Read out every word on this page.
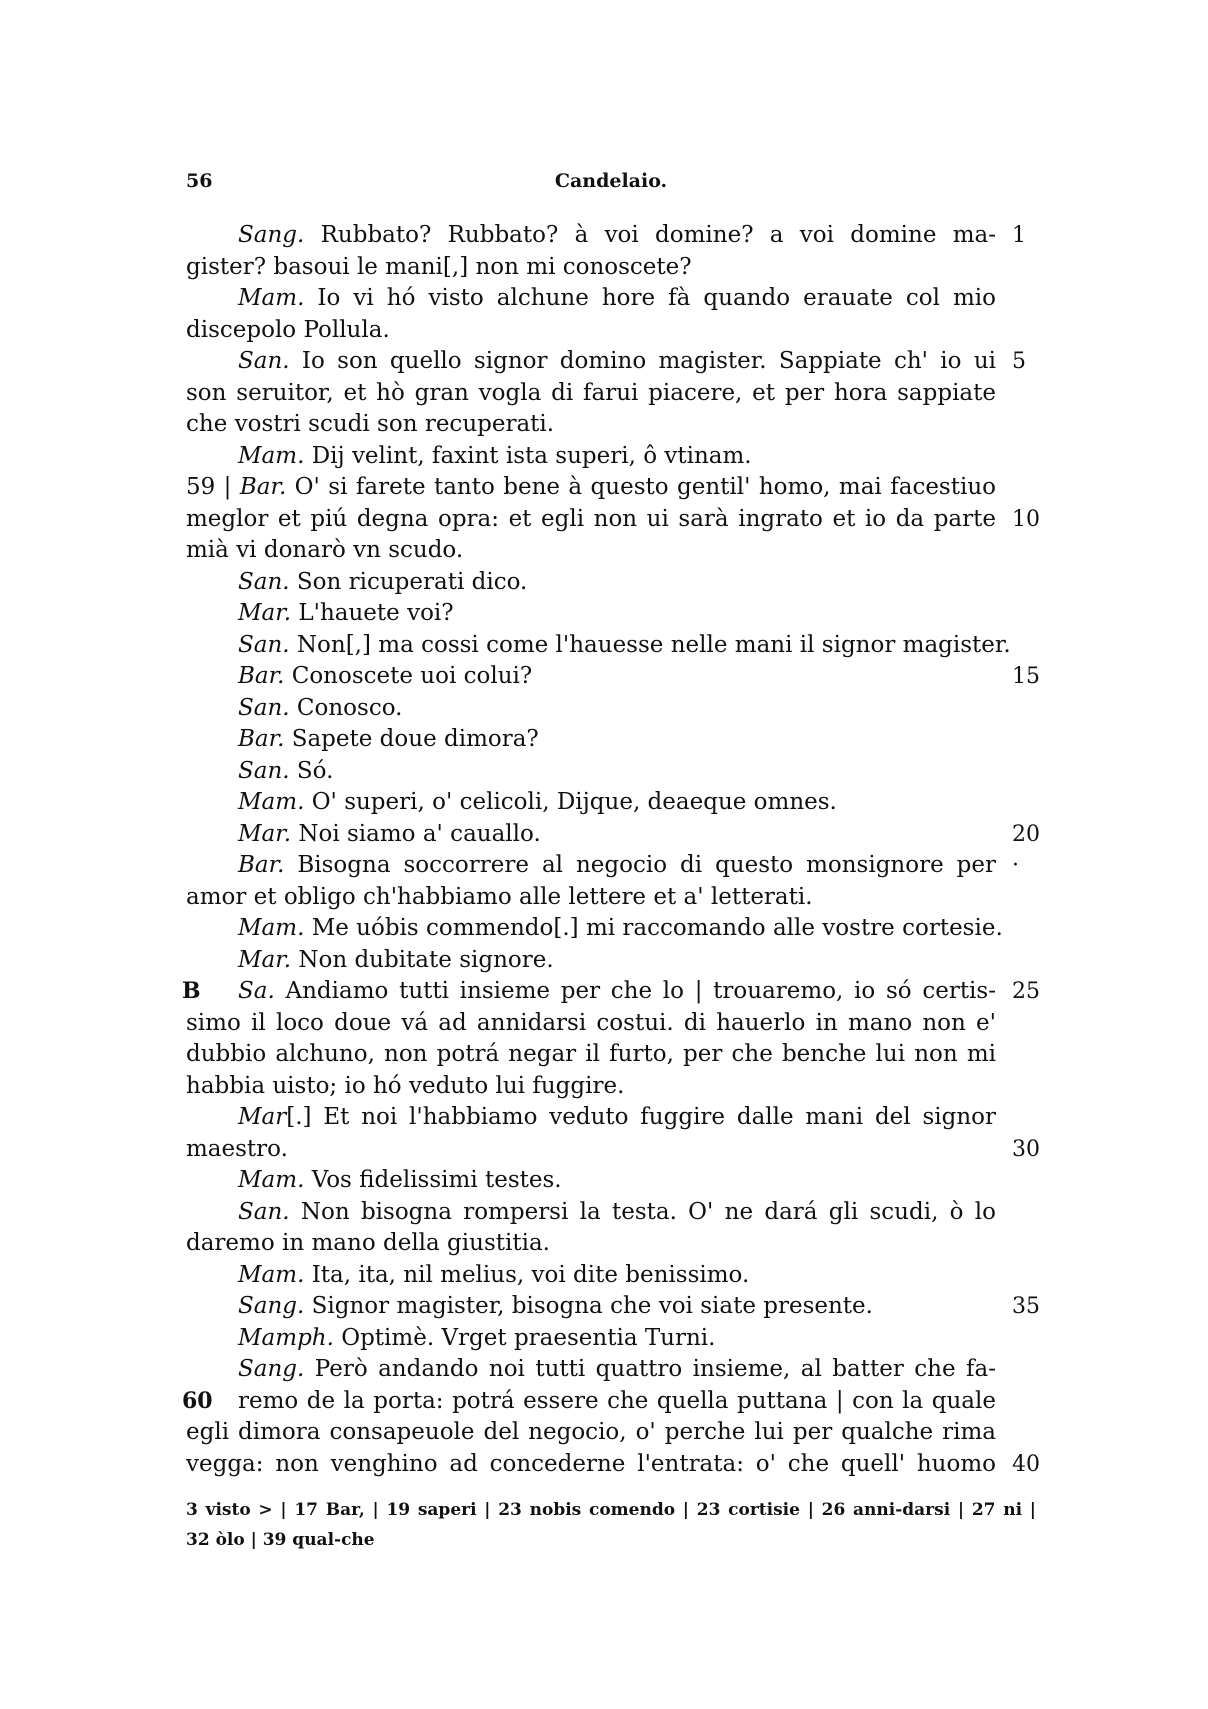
56	Candelaio.
Sang. Rubbato? Rubbato? à voi domine? a voi domine ma- 1
gister? basoui le mani[,] non mi conoscete?
Mam. Io vi hó visto alchune hore fà quando erauate col mio
discepolo Pollula.
San. Io son quello signor domino magister. Sappiate ch' io ui 5
son seruitor, et hò gran vogla di farui piacere, et per hora sappiate
che vostri scudi son recuperati.
Mam. Dij velint, faxint ista superi, ô vtinam.
59 | Bar. O' si farete tanto bene à questo gentil' homo, mai facestiuo
meglor et piú degna opra: et egli non ui sarà ingrato et io da parte 10
mià vi donarò vn scudo.
San. Son ricuperati dico.
Mar. L'hauete voi?
San. Non[,] ma cossi come l'hauesse nelle mani il signor magister.
Bar. Conoscete uoi colui?	15
San. Conosco.
Bar. Sapete doue dimora?
San. Só.
Mam. O' superi, o' celicoli, Dijque, deaeque omnes.
Mar. Noi siamo a' cauallo.	20
Bar. Bisogna soccorrere al negocio di questo monsignore per ·
amor et obligo ch'habbiamo alle lettere et a' letterati.
Mam. Me uóbis commendo[.] mi raccomando alle vostre cortesie.
Mar. Non dubitate signore.
B Sa. Andiamo tutti insieme per che lo | trouaremo, io só certis- 25
simo il loco doue vá ad annidarsi costui. di hauerlo in mano non e'
dubbio alchuno, non potrá negar il furto, per che benche lui non mi
habbia uisto; io hó veduto lui fuggire.
Mar[.] Et noi l'habbiamo veduto fuggire dalle mani del signor
maestro.	30
Mam. Vos fidelissimi testes.
San. Non bisogna rompersi la testa. O' ne dará gli scudi, ò lo
daremo in mano della giustitia.
Mam. Ita, ita, nil melius, voi dite benissimo.
Sang. Signor magister, bisogna che voi siate presente.	35
Mamph. Optimè. Vrget praesentia Turni.
Sang. Però andando noi tutti quattro insieme, al batter che fa-
60 remo de la porta: potrá essere che quella puttana | con la quale
egli dimora consapeuole del negocio, o' perche lui per qualche rima
vegga: non venghino ad concederne l'entrata: o' che quell' huomo 40
3 visto > | 17 Bar, | 19 saperi | 23 nobis comendo | 23 cortisie | 26 anni-darsi | 27 ni |
32 òlo | 39 qual-che
